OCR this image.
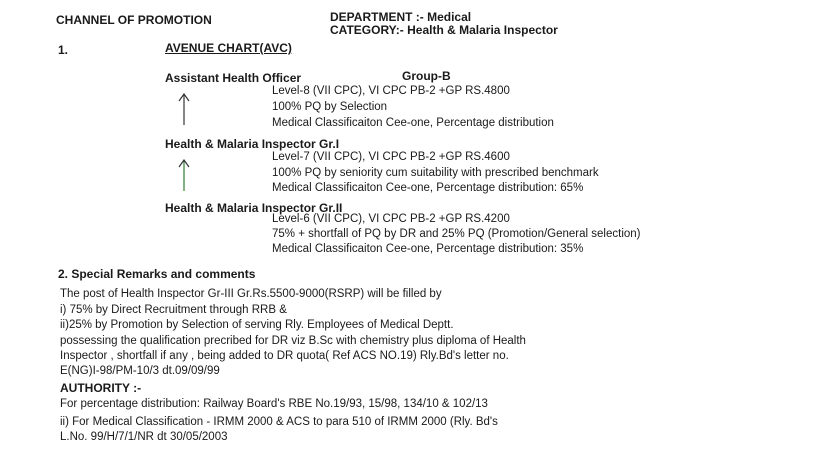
CHANNEL OF PROMOTION	DEPARTMENT :- Medical
CATEGORY:- Health & Malaria Inspector
1.	AVENUE CHART(AVC)
Assistant Health Officer	Group-B
Level-8 (VII CPC), VI CPC PB-2 +GP RS.4800
100% PQ by Selection
Medical Classificaiton Cee-one, Percentage distribution
Health & Malaria Inspector Gr.I
Level-7 (VII CPC), VI CPC PB-2 +GP RS.4600
100% PQ by seniority cum suitability with prescribed benchmark
Medical Classificaiton Cee-one, Percentage distribution: 65%
Health & Malaria Inspector Gr.II
Level-6 (VII CPC), VI CPC PB-2 +GP RS.4200
75% + shortfall of PQ by DR and 25% PQ (Promotion/General selection)
Medical Classificaiton Cee-one, Percentage distribution: 35%
2. Special Remarks and comments
The post of Health Inspector Gr-III Gr.Rs.5500-9000(RSRP) will be filled by
i) 75% by Direct Recruitment through RRB &
ii)25% by Promotion by Selection of serving Rly. Employees of Medical Deptt.
possessing the qualification precribed for DR viz B.Sc with chemistry plus diploma of Health
Inspector , shortfall if any , being added to DR quota( Ref ACS NO.19) Rly.Bd's letter no.
E(NG)I-98/PM-10/3 dt.09/09/99
AUTHORITY :-
For percentage distribution: Railway Board's RBE No.19/93, 15/98, 134/10 & 102/13
ii) For Medical Classification - IRMM 2000 & ACS to para 510 of IRMM 2000 (Rly. Bd's
L.No. 99/H/7/1/NR dt 30/05/2003
